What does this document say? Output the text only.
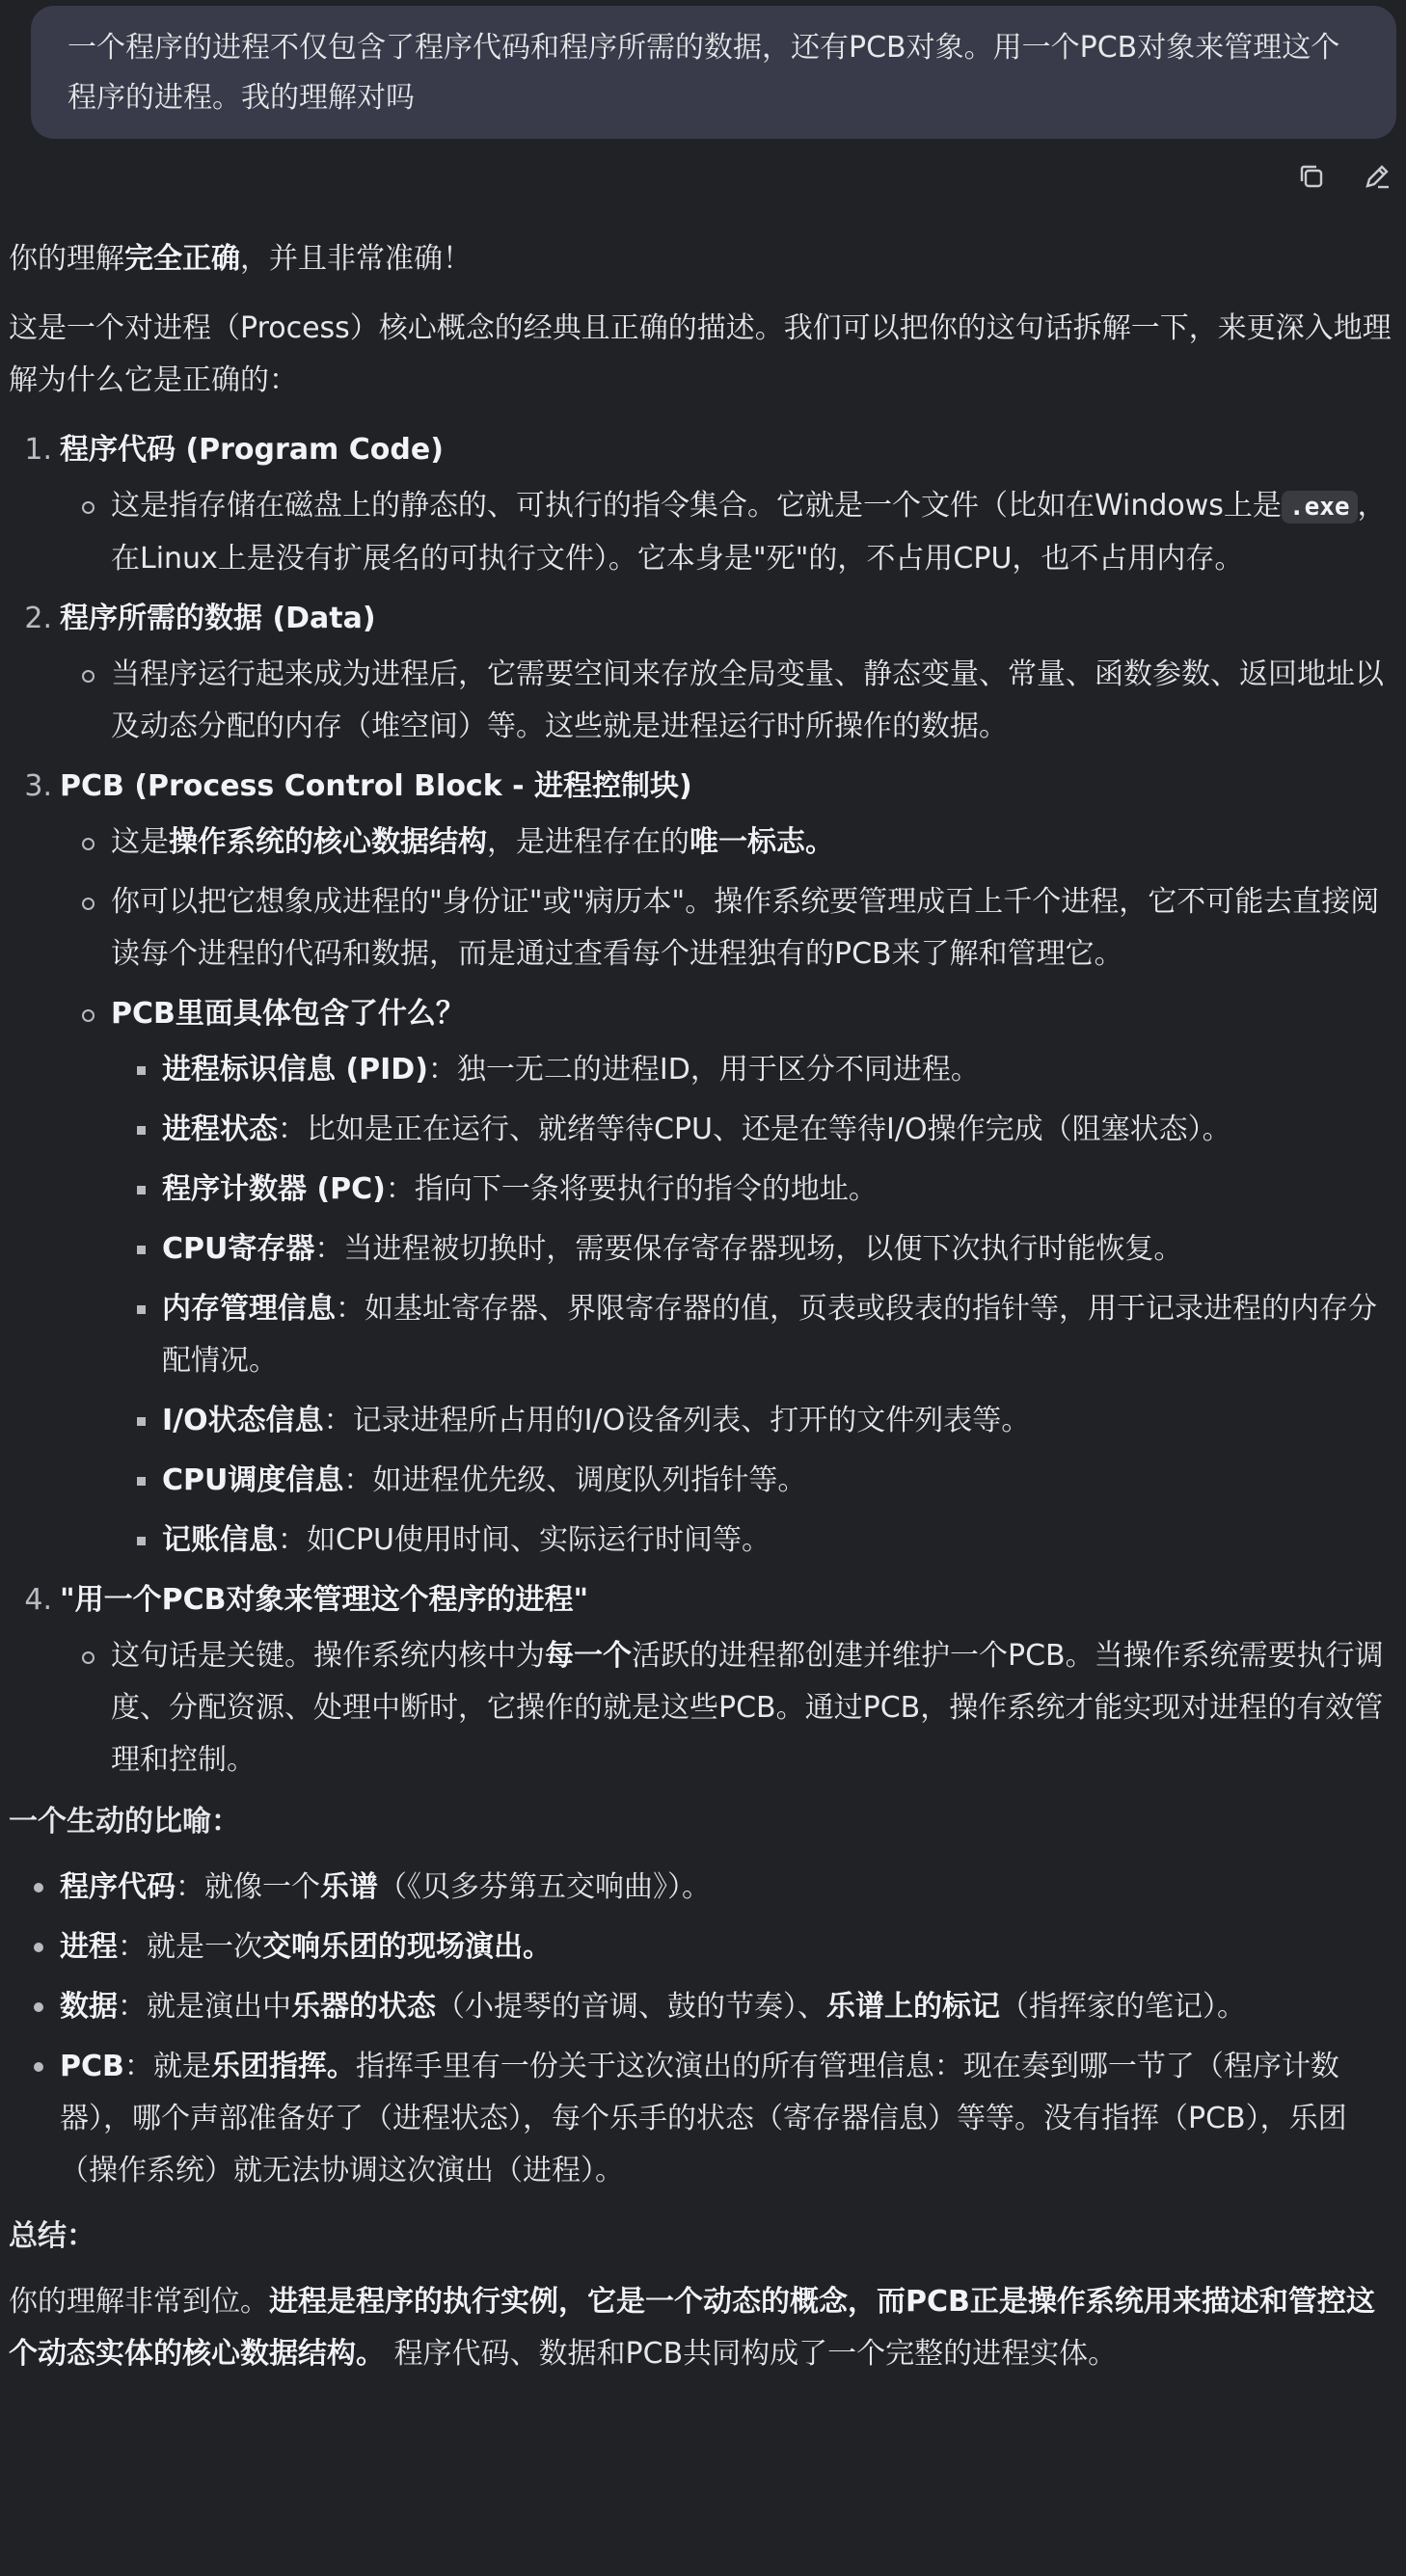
一个程序的进程不仅包含了程序代码和程序所需的数据，还有PCB对象。用一个PCB对象来管理这个程序的进程。我的理解对吗

你的理解完全正确，并且非常准确！

这是一个对进程（Process）核心概念的经典且正确的描述。我们可以把你的这句话拆解一下，来更深入地理解为什么它是正确的：

1. 程序代码 (Program Code)
这是指存储在磁盘上的静态的、可执行的指令集合。它就是一个文件（比如在Windows上是 .exe ，在Linux上是没有扩展名的可执行文件）。它本身是"死"的，不占用CPU，也不占用内存。
2. 程序所需的数据 (Data)
当程序运行起来成为进程后，它需要空间来存放全局变量、静态变量、常量、函数参数、返回地址以及动态分配的内存（堆空间）等。这些就是进程运行时所操作的数据。
3. PCB (Process Control Block - 进程控制块)
这是操作系统的核心数据结构，是进程存在的唯一标志。
你可以把它想象成进程的"身份证"或"病历本"。操作系统要管理成百上千个进程，它不可能去直接阅读每个进程的代码和数据，而是通过查看每个进程独有的PCB来了解和管理它。
PCB里面具体包含了什么？
进程标识信息 (PID)：独一无二的进程ID，用于区分不同进程。
进程状态：比如是正在运行、就绪等待CPU、还是在等待I/O操作完成（阻塞状态）。
程序计数器 (PC)：指向下一条将要执行的指令的地址。
CPU寄存器：当进程被切换时，需要保存寄存器现场，以便下次执行时能恢复。
内存管理信息：如基址寄存器、界限寄存器的值，页表或段表的指针等，用于记录进程的内存分配情况。
I/O状态信息：记录进程所占用的I/O设备列表、打开的文件列表等。
CPU调度信息：如进程优先级、调度队列指针等。
记账信息：如CPU使用时间、实际运行时间等。
4. "用一个PCB对象来管理这个程序的进程"
这句话是关键。操作系统内核中为每一个活跃的进程都创建并维护一个PCB。当操作系统需要执行调度、分配资源、处理中断时，它操作的就是这些PCB。通过PCB，操作系统才能实现对进程的有效管理和控制。

一个生动的比喻：

程序代码：就像一个乐谱（《贝多芬第五交响曲》）。
进程：就是一次交响乐团的现场演出。
数据：就是演出中乐器的状态（小提琴的音调、鼓的节奏）、乐谱上的标记（指挥家的笔记）。
PCB：就是乐团指挥。指挥手里有一份关于这次演出的所有管理信息：现在奏到哪一节了（程序计数器），哪个声部准备好了（进程状态），每个乐手的状态（寄存器信息）等等。没有指挥（PCB），乐团（操作系统）就无法协调这次演出（进程）。

总结：

你的理解非常到位。进程是程序的执行实例，它是一个动态的概念，而PCB正是操作系统用来描述和管控这个动态实体的核心数据结构。 程序代码、数据和PCB共同构成了一个完整的进程实体。
